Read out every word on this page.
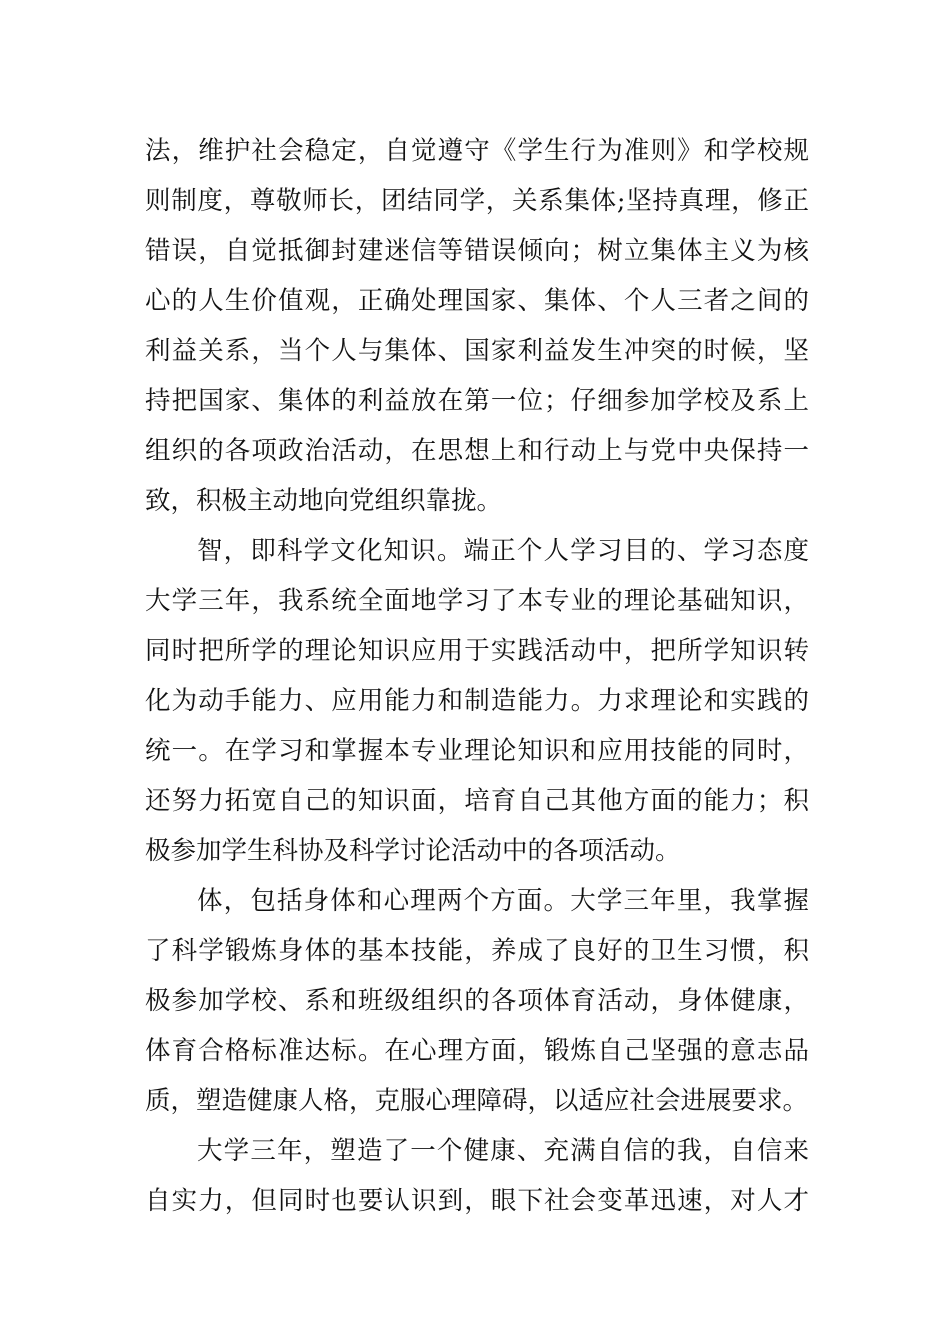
法，维护社会稳定，自觉遵守《学生行为准则》和学校规
则制度，尊敬师长，团结同学，关系集体;坚持真理，修正
错误，自觉抵御封建迷信等错误倾向；树立集体主义为核
心的人生价值观，正确处理国家、集体、个人三者之间的
利益关系，当个人与集体、国家利益发生冲突的时候，坚
持把国家、集体的利益放在第一位；仔细参加学校及系上
组织的各项政治活动，在思想上和行动上与党中央保持一
致，积极主动地向党组织靠拢。
智，即科学文化知识。端正个人学习目的、学习态度
大学三年，我系统全面地学习了本专业的理论基础知识，
同时把所学的理论知识应用于实践活动中，把所学知识转
化为动手能力、应用能力和制造能力。力求理论和实践的
统一。在学习和掌握本专业理论知识和应用技能的同时，
还努力拓宽自己的知识面，培育自己其他方面的能力；积
极参加学生科协及科学讨论活动中的各项活动。
体，包括身体和心理两个方面。大学三年里，我掌握
了科学锻炼身体的基本技能，养成了良好的卫生习惯，积
极参加学校、系和班级组织的各项体育活动，身体健康，
体育合格标准达标。在心理方面，锻炼自己坚强的意志品
质，塑造健康人格，克服心理障碍，以适应社会进展要求。
大学三年，塑造了一个健康、充满自信的我，自信来
自实力，但同时也要认识到，眼下社会变革迅速，对人才
